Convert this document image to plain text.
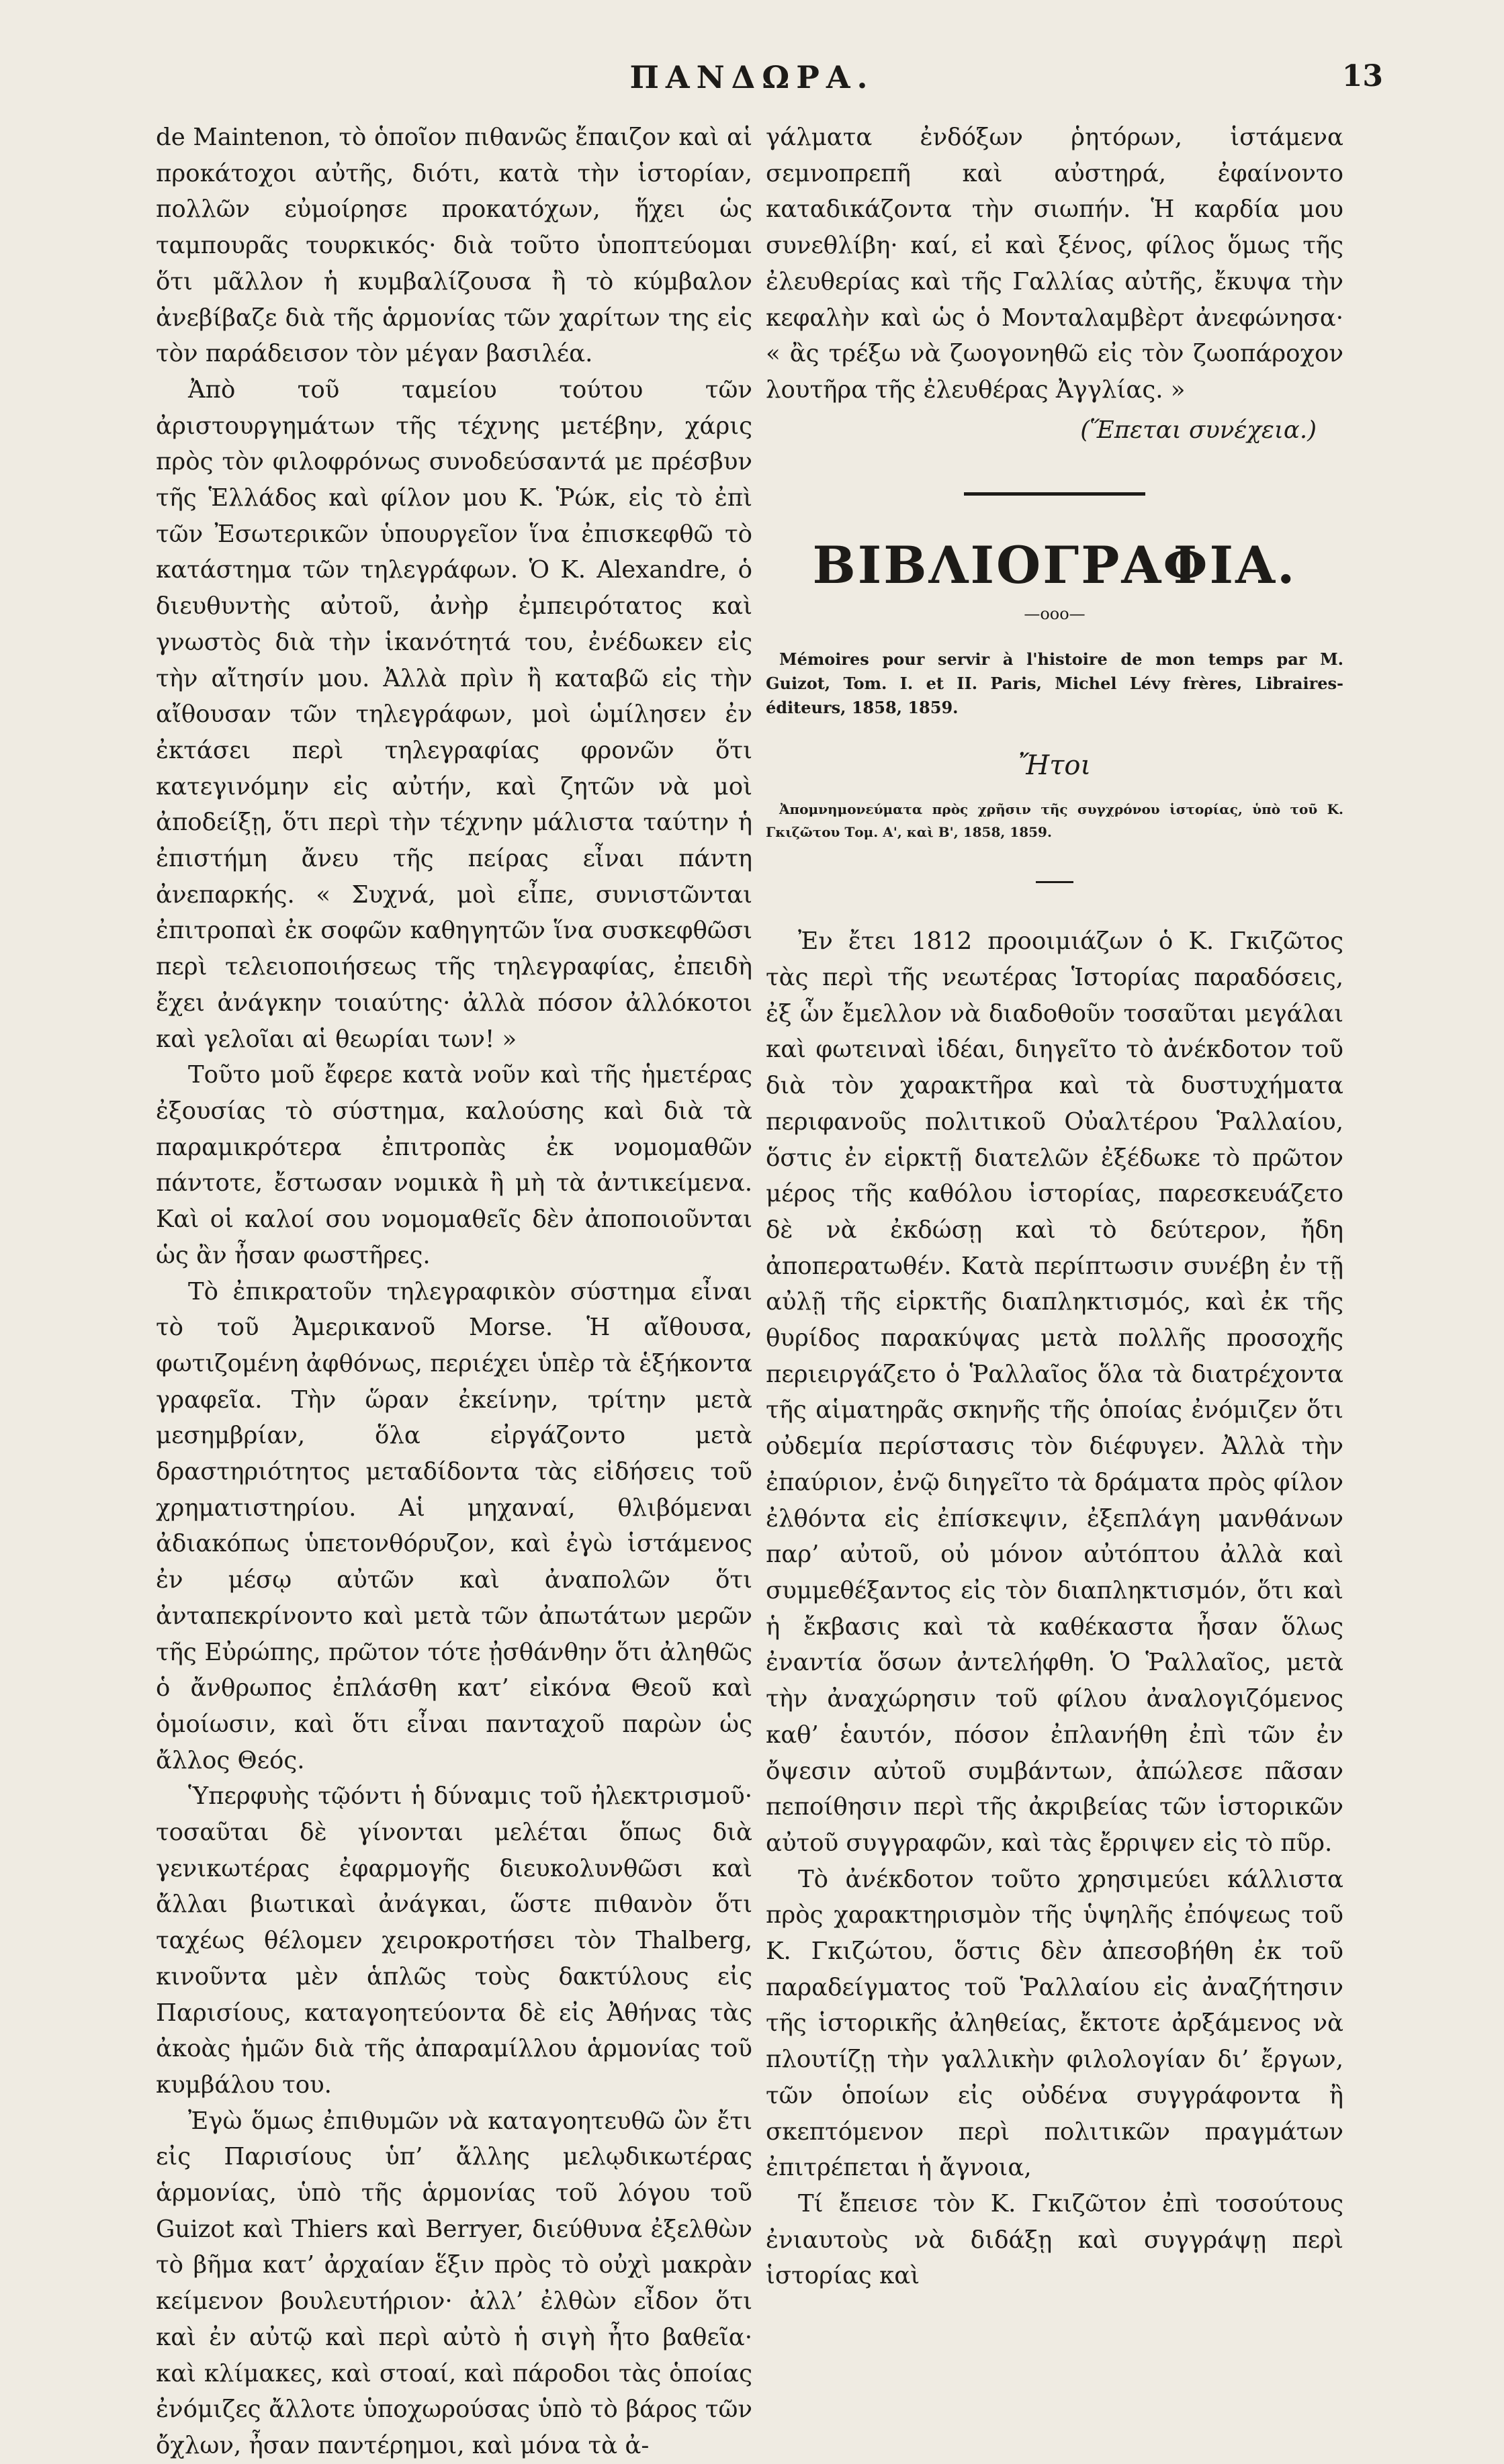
ΠΑΝΔΩΡΑ.	13

de Maintenon, τὸ ὁποῖον πιθανῶς ἔπαιζον καὶ αἱ προκάτοχοι αὐτῆς, διότι, κατὰ τὴν ἱστορίαν, πολλῶν εὐμοίρησε προκατόχων, ἥχει ὡς ταμπουρᾶς τουρκικός· διὰ τοῦτο ὑποπτεύομαι ὅτι μᾶλλον ἡ κυμβαλίζουσα ἢ τὸ κύμβαλον ἀνεβίβαζε διὰ τῆς ἁρμονίας τῶν χαρίτων της εἰς τὸν παράδεισον τὸν μέγαν βασιλέα.

Ἀπὸ τοῦ ταμείου τούτου τῶν ἀριστουργημάτων τῆς τέχνης μετέβην, χάρις πρὸς τὸν φιλοφρόνως συνοδεύσαντά με πρέσβυν τῆς Ἑλλάδος καὶ φίλον μου Κ. Ῥώκ, εἰς τὸ ἐπὶ τῶν Ἐσωτερικῶν ὑπουργεῖον ἵνα ἐπισκεφθῶ τὸ κατάστημα τῶν τηλεγράφων. Ὁ Κ. Alexandre, ὁ διευθυντὴς αὐτοῦ, ἀνὴρ ἐμπειρότατος καὶ γνωστὸς διὰ τὴν ἱκανότητά του, ἐνέδωκεν εἰς τὴν αἴτησίν μου. Ἀλλὰ πρὶν ἢ καταβῶ εἰς τὴν αἴθουσαν τῶν τηλεγράφων, μοὶ ὡμίλησεν ἐν ἐκτάσει περὶ τηλεγραφίας φρονῶν ὅτι κατεγινόμην εἰς αὐτήν, καὶ ζητῶν νὰ μοὶ ἀποδείξῃ, ὅτι περὶ τὴν τέχνην μάλιστα ταύτην ἡ ἐπιστήμη ἄνευ τῆς πείρας εἶναι πάντη ἀνεπαρκής. « Συχνά, μοὶ εἶπε, συνιστῶνται ἐπιτροπαὶ ἐκ σοφῶν καθηγητῶν ἵνα συσκεφθῶσι περὶ τελειοποιήσεως τῆς τηλεγραφίας, ἐπειδὴ ἔχει ἀνάγκην τοιαύτης· ἀλλὰ πόσον ἀλλόκοτοι καὶ γελοῖαι αἱ θεωρίαι των! »

Τοῦτο μοῦ ἔφερε κατὰ νοῦν καὶ τῆς ἡμετέρας ἐξουσίας τὸ σύστημα, καλούσης καὶ διὰ τὰ παραμικρότερα ἐπιτροπὰς ἐκ νομομαθῶν πάντοτε, ἔστωσαν νομικὰ ἢ μὴ τὰ ἀντικείμενα. Καὶ οἱ καλοί σου νομομαθεῖς δὲν ἀποποιοῦνται ὡς ἂν ἦσαν φωστῆρες.

Τὸ ἐπικρατοῦν τηλεγραφικὸν σύστημα εἶναι τὸ τοῦ Ἀμερικανοῦ Morse. Ἡ αἴθουσα, φωτιζομένη ἀφθόνως, περιέχει ὑπὲρ τὰ ἑξήκοντα γραφεῖα. Τὴν ὥραν ἐκείνην, τρίτην μετὰ μεσημβρίαν, ὅλα εἰργάζοντο μετὰ δραστηριότητος μεταδίδοντα τὰς εἰδήσεις τοῦ χρηματιστηρίου. Αἱ μηχαναί, θλιβόμεναι ἀδιακόπως ὑπετονθόρυζον, καὶ ἐγὼ ἱστάμενος ἐν μέσῳ αὐτῶν καὶ ἀναπολῶν ὅτι ἀνταπεκρίνοντο καὶ μετὰ τῶν ἀπωτάτων μερῶν τῆς Εὐρώπης, πρῶτον τότε ᾐσθάνθην ὅτι ἀληθῶς ὁ ἄνθρωπος ἐπλάσθη κατ’ εἰκόνα Θεοῦ καὶ ὁμοίωσιν, καὶ ὅτι εἶναι πανταχοῦ παρὼν ὡς ἄλλος Θεός.

Ὑπερφυὴς τῷόντι ἡ δύναμις τοῦ ἠλεκτρισμοῦ· τοσαῦται δὲ γίνονται μελέται ὅπως διὰ γενικωτέρας ἐφαρμογῆς διευκολυνθῶσι καὶ ἄλλαι βιωτικαὶ ἀνάγκαι, ὥστε πιθανὸν ὅτι ταχέως θέλομεν χειροκροτήσει τὸν Thalberg, κινοῦντα μὲν ἁπλῶς τοὺς δακτύλους εἰς Παρισίους, καταγοητεύοντα δὲ εἰς Ἀθήνας τὰς ἀκοὰς ἡμῶν διὰ τῆς ἀπαραμίλλου ἁρμονίας τοῦ κυμβάλου του.

Ἐγὼ ὅμως ἐπιθυμῶν νὰ καταγοητευθῶ ὢν ἔτι εἰς Παρισίους ὑπ’ ἄλλης μελῳδικωτέρας ἁρμονίας, ὑπὸ τῆς ἁρμονίας τοῦ λόγου τοῦ Guizot καὶ Thiers καὶ Berryer, διεύθυνα ἐξελθὼν τὸ βῆμα κατ’ ἀρχαίαν ἕξιν πρὸς τὸ οὐχὶ μακρὰν κείμενον βουλευτήριον· ἀλλ’ ἐλθὼν εἶδον ὅτι καὶ ἐν αὐτῷ καὶ περὶ αὐτὸ ἡ σιγὴ ἦτο βαθεῖα· καὶ κλίμακες, καὶ στοαί, καὶ πάροδοι τὰς ὁποίας ἐνόμιζες ἄλλοτε ὑποχωρούσας ὑπὸ τὸ βάρος τῶν ὄχλων, ἦσαν παντέρημοι, καὶ μόνα τὰ ἀ-

γάλματα ἐνδόξων ῥητόρων, ἱστάμενα σεμνοπρεπῆ καὶ αὐστηρά, ἐφαίνοντο καταδικάζοντα τὴν σιωπήν. Ἡ καρδία μου συνεθλίβη· καί, εἰ καὶ ξένος, φίλος ὅμως τῆς ἐλευθερίας καὶ τῆς Γαλλίας αὐτῆς, ἔκυψα τὴν κεφαλὴν καὶ ὡς ὁ Μονταλαμβὲρτ ἀνεφώνησα· « ἂς τρέξω νὰ ζωογονηθῶ εἰς τὸν ζωοπάροχον λουτῆρα τῆς ἐλευθέρας Ἀγγλίας. »

(Ἕπεται συνέχεια.)
ΒΙΒΛΙΟΓΡΑΦΙΑ.
—ooo—
Mémoires pour servir à l'histoire de mon temps par M. Guizot, Tom. I. et II. Paris, Michel Lévy frères, Libraires-éditeurs, 1858, 1859.
Ἤτοι
Ἀπομνημονεύματα πρὸς χρῆσιν τῆς συγχρόνου ἱστορίας, ὑπὸ τοῦ Κ. Γκιζῶτου Τομ. Α', καὶ Β', 1858, 1859.

Ἐν ἔτει 1812 προοιμιάζων ὁ Κ. Γκιζῶτος τὰς περὶ τῆς νεωτέρας Ἱστορίας παραδόσεις, ἐξ ὧν ἔμελλον νὰ διαδοθοῦν τοσαῦται μεγάλαι καὶ φωτειναὶ ἰδέαι, διηγεῖτο τὸ ἀνέκδοτον τοῦ διὰ τὸν χαρακτῆρα καὶ τὰ δυστυχήματα περιφανοῦς πολιτικοῦ Οὐαλτέρου Ῥαλλαίου, ὅστις ἐν εἱρκτῇ διατελῶν ἐξέδωκε τὸ πρῶτον μέρος τῆς καθόλου ἱστορίας, παρεσκευάζετο δὲ νὰ ἐκδώσῃ καὶ τὸ δεύτερον, ἤδη ἀποπερατωθέν. Κατὰ περίπτωσιν συνέβη ἐν τῇ αὐλῇ τῆς εἱρκτῆς διαπληκτισμός, καὶ ἐκ τῆς θυρίδος παρακύψας μετὰ πολλῆς προσοχῆς περιειργάζετο ὁ Ῥαλλαῖος ὅλα τὰ διατρέχοντα τῆς αἱματηρᾶς σκηνῆς τῆς ὁποίας ἐνόμιζεν ὅτι οὐδεμία περίστασις τὸν διέφυγεν. Ἀλλὰ τὴν ἐπαύριον, ἐνῷ διηγεῖτο τὰ δράματα πρὸς φίλον ἐλθόντα εἰς ἐπίσκεψιν, ἐξεπλάγη μανθάνων παρ’ αὐτοῦ, οὐ μόνον αὐτόπτου ἀλλὰ καὶ συμμεθέξαντος εἰς τὸν διαπληκτισμόν, ὅτι καὶ ἡ ἔκβασις καὶ τὰ καθέκαστα ἦσαν ὅλως ἐναντία ὅσων ἀντελήφθη. Ὁ Ῥαλλαῖος, μετὰ τὴν ἀναχώρησιν τοῦ φίλου ἀναλογιζόμενος καθ’ ἑαυτόν, πόσον ἐπλανήθη ἐπὶ τῶν ἐν ὄψεσιν αὐτοῦ συμβάντων, ἀπώλεσε πᾶσαν πεποίθησιν περὶ τῆς ἀκριβείας τῶν ἱστορικῶν αὐτοῦ συγγραφῶν, καὶ τὰς ἔρριψεν εἰς τὸ πῦρ.

Τὸ ἀνέκδοτον τοῦτο χρησιμεύει κάλλιστα πρὸς χαρακτηρισμὸν τῆς ὑψηλῆς ἐπόψεως τοῦ Κ. Γκιζώτου, ὅστις δὲν ἀπεσοβήθη ἐκ τοῦ παραδείγματος τοῦ Ῥαλλαίου εἰς ἀναζήτησιν τῆς ἱστορικῆς ἀληθείας, ἔκτοτε ἀρξάμενος νὰ πλουτίζῃ τὴν γαλλικὴν φιλολογίαν δι’ ἔργων, τῶν ὁποίων εἰς οὐδένα συγγράφοντα ἢ σκεπτόμενον περὶ πολιτικῶν πραγμάτων ἐπιτρέπεται ἡ ἄγνοια,

Τί ἔπεισε τὸν Κ. Γκιζῶτον ἐπὶ τοσούτους ἐνιαυτοὺς νὰ διδάξῃ καὶ συγγράψῃ περὶ ἱστορίας καὶ
